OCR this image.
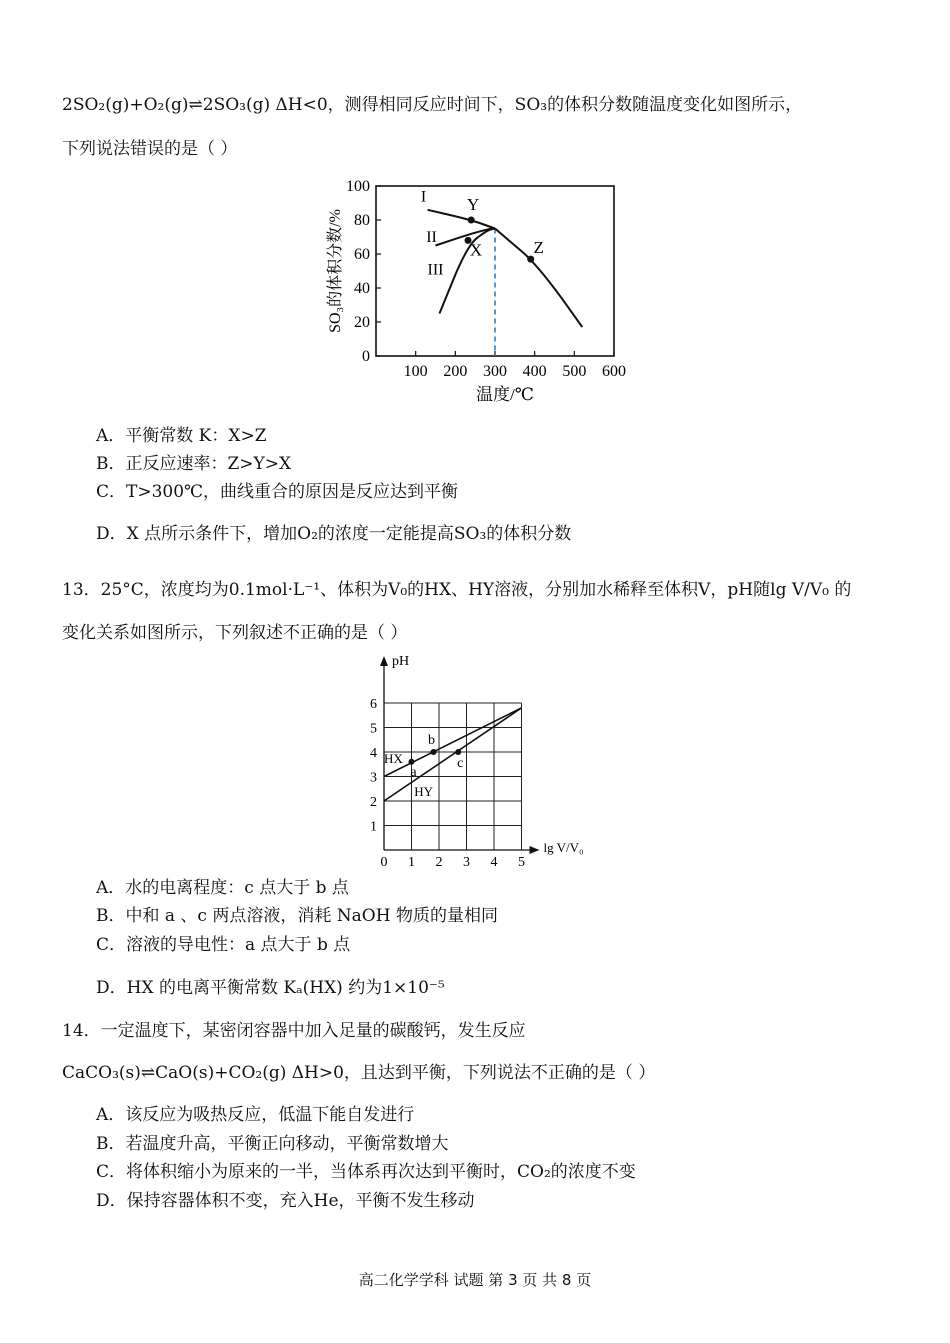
2SO₂(g)+O₂(g)⇌2SO₃(g) ΔH<0，测得相同反应时间下，SO₃的体积分数随温度变化如图所示，
下列说法错误的是（ ）
0
20
40
60
80
100
100 200 300 400 500 600
温度/℃
SO₃的体积分数/%
I
II
III
Y
X	Z
A．平衡常数 K：X>Z
B．正反应速率：Z>Y>X
C．T>300℃，曲线重合的原因是反应达到平衡
D．X 点所示条件下，增加O₂的浓度一定能提高SO₃的体积分数
13．25°C，浓度均为0.1mol·L⁻¹、体积为V₀的HX、HY溶液，分别加水稀释至体积V，pH随lg V/V₀ 的
变化关系如图所示，下列叙述不正确的是（ ）
pH
lg V/V₀
1
2
3
4
5
6
0 1 2 3 4 5
HX
HY
a
b
c
A．水的电离程度：c 点大于 b 点
B．中和 a 、c 两点溶液，消耗 NaOH 物质的量相同
C．溶液的导电性：a 点大于 b 点
D．HX 的电离平衡常数 Kₐ(HX) 约为1×10⁻⁵
14．一定温度下，某密闭容器中加入足量的碳酸钙，发生反应
CaCO₃(s)⇌CaO(s)+CO₂(g) ΔH>0，且达到平衡，下列说法不正确的是（ ）
A．该反应为吸热反应，低温下能自发进行
B．若温度升高，平衡正向移动，平衡常数增大
C．将体积缩小为原来的一半，当体系再次达到平衡时，CO₂的浓度不变
D．保持容器体积不变，充入He，平衡不发生移动
高二化学学科 试题 第 3 页 共 8 页
